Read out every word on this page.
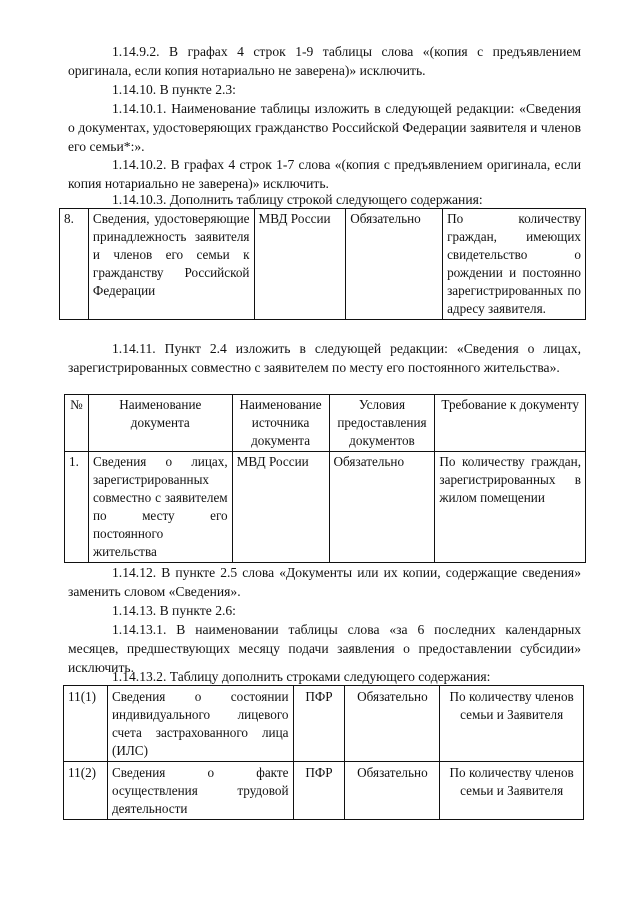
1.14.9.2. В графах 4 строк 1-9 таблицы слова «(копия с предъявлением оригинала, если копия нотариально не заверена)» исключить.

1.14.10. В пункте 2.3:

1.14.10.1. Наименование таблицы изложить в следующей редакции: «Сведения о документах, удостоверяющих гражданство Российской Федерации заявителя и членов его семьи*:».

1.14.10.2. В графах 4 строк 1-7 слова «(копия с предъявлением оригинала, если копия нотариально не заверена)» исключить.

1.14.10.3. Дополнить таблицу строкой следующего содержания:

8.	Сведения, удостоверяющие принадлежность заявителя и членов его семьи к гражданству Российской Федерации	МВД России	Обязательно	По количеству граждан, имеющих свидетельство о рождении и постоянно зарегистрированных по адресу заявителя.

1.14.11. Пункт 2.4 изложить в следующей редакции: «Сведения о лицах, зарегистрированных совместно с заявителем по месту его постоянного жительства».

№	Наименование документа	Наименование источника документа	Условия предоставления документов	Требование к документу
1.	Сведения о лицах, зарегистрированных совместно с заявителем по месту его постоянного жительства	МВД России	Обязательно	По количеству граждан, зарегистрированных в жилом помещении

1.14.12. В пункте 2.5 слова «Документы или их копии, содержащие сведения» заменить словом «Сведения».

1.14.13. В пункте 2.6:

1.14.13.1. В наименовании таблицы слова «за 6 последних календарных месяцев, предшествующих месяцу подачи заявления о предоставлении субсидии» исключить.

1.14.13.2. Таблицу дополнить строками следующего содержания:

11(1)	Сведения о состоянии индивидуального лицевого счета застрахованного лица (ИЛС)	ПФР	Обязательно	По количеству членов семьи и Заявителя
11(2)	Сведения о факте осуществления трудовой деятельности	ПФР	Обязательно	По количеству членов семьи и Заявителя
